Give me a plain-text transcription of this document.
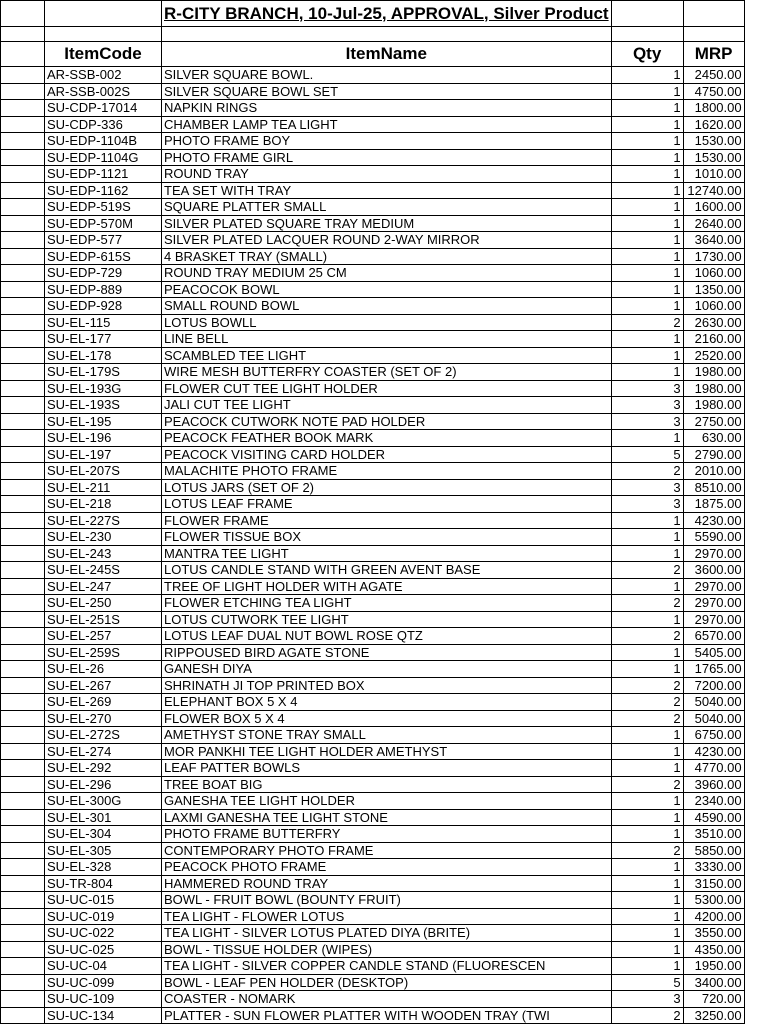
		R-CITY BRANCH, 10-Jul-25, APPROVAL, Silver Product		

	ItemCode	ItemName	Qty	MRP
	AR-SSB-002	SILVER SQUARE BOWL.	1	2450.00
	AR-SSB-002S	SILVER SQUARE BOWL SET	1	4750.00
	SU-CDP-17014	NAPKIN RINGS	1	1800.00
	SU-CDP-336	CHAMBER LAMP TEA LIGHT	1	1620.00
	SU-EDP-1104B	PHOTO FRAME BOY	1	1530.00
	SU-EDP-1104G	PHOTO FRAME GIRL	1	1530.00
	SU-EDP-1121	ROUND TRAY	1	1010.00
	SU-EDP-1162	TEA SET WITH TRAY	1	12740.00
	SU-EDP-519S	SQUARE PLATTER SMALL	1	1600.00
	SU-EDP-570M	SILVER PLATED SQUARE TRAY MEDIUM	1	2640.00
	SU-EDP-577	SILVER PLATED LACQUER ROUND 2-WAY MIRROR	1	3640.00
	SU-EDP-615S	4 BRASKET TRAY (SMALL)	1	1730.00
	SU-EDP-729	ROUND TRAY MEDIUM 25 CM	1	1060.00
	SU-EDP-889	PEACOCOK BOWL	1	1350.00
	SU-EDP-928	SMALL ROUND BOWL	1	1060.00
	SU-EL-115	LOTUS BOWLL	2	2630.00
	SU-EL-177	LINE BELL	1	2160.00
	SU-EL-178	SCAMBLED TEE LIGHT	1	2520.00
	SU-EL-179S	WIRE MESH BUTTERFRY COASTER (SET OF 2)	1	1980.00
	SU-EL-193G	FLOWER CUT TEE LIGHT HOLDER	3	1980.00
	SU-EL-193S	JALI CUT TEE LIGHT	3	1980.00
	SU-EL-195	PEACOCK CUTWORK NOTE PAD HOLDER	3	2750.00
	SU-EL-196	PEACOCK FEATHER BOOK MARK	1	630.00
	SU-EL-197	PEACOCK VISITING CARD HOLDER	5	2790.00
	SU-EL-207S	MALACHITE PHOTO FRAME	2	2010.00
	SU-EL-211	LOTUS JARS (SET OF 2)	3	8510.00
	SU-EL-218	LOTUS LEAF FRAME	3	1875.00
	SU-EL-227S	FLOWER FRAME	1	4230.00
	SU-EL-230	FLOWER TISSUE BOX	1	5590.00
	SU-EL-243	MANTRA TEE LIGHT	1	2970.00
	SU-EL-245S	LOTUS CANDLE STAND WITH GREEN AVENT BASE	2	3600.00
	SU-EL-247	TREE OF LIGHT HOLDER WITH AGATE	1	2970.00
	SU-EL-250	FLOWER ETCHING TEA LIGHT	2	2970.00
	SU-EL-251S	LOTUS CUTWORK TEE LIGHT	1	2970.00
	SU-EL-257	LOTUS LEAF DUAL NUT BOWL ROSE QTZ	2	6570.00
	SU-EL-259S	RIPPOUSED BIRD AGATE STONE	1	5405.00
	SU-EL-26	GANESH DIYA	1	1765.00
	SU-EL-267	SHRINATH JI TOP PRINTED BOX	2	7200.00
	SU-EL-269	ELEPHANT BOX 5 X 4	2	5040.00
	SU-EL-270	FLOWER BOX 5 X 4	2	5040.00
	SU-EL-272S	AMETHYST STONE TRAY SMALL	1	6750.00
	SU-EL-274	MOR PANKHI TEE LIGHT HOLDER AMETHYST	1	4230.00
	SU-EL-292	LEAF PATTER BOWLS	1	4770.00
	SU-EL-296	TREE BOAT BIG	2	3960.00
	SU-EL-300G	GANESHA TEE LIGHT HOLDER	1	2340.00
	SU-EL-301	LAXMI GANESHA TEE LIGHT STONE	1	4590.00
	SU-EL-304	PHOTO FRAME BUTTERFRY	1	3510.00
	SU-EL-305	CONTEMPORARY PHOTO FRAME	2	5850.00
	SU-EL-328	PEACOCK PHOTO FRAME	1	3330.00
	SU-TR-804	HAMMERED ROUND TRAY	1	3150.00
	SU-UC-015	BOWL - FRUIT BOWL (BOUNTY FRUIT)	1	5300.00
	SU-UC-019	TEA LIGHT - FLOWER LOTUS	1	4200.00
	SU-UC-022	TEA LIGHT - SILVER LOTUS PLATED DIYA (BRITE)	1	3550.00
	SU-UC-025	BOWL - TISSUE HOLDER (WIPES)	1	4350.00
	SU-UC-04	TEA LIGHT - SILVER COPPER CANDLE STAND (FLUORESCEN	1	1950.00
	SU-UC-099	BOWL - LEAF PEN HOLDER (DESKTOP)	5	3400.00
	SU-UC-109	COASTER - NOMARK	3	720.00
	SU-UC-134	PLATTER - SUN FLOWER PLATTER WITH WOODEN TRAY (TWI	2	3250.00
